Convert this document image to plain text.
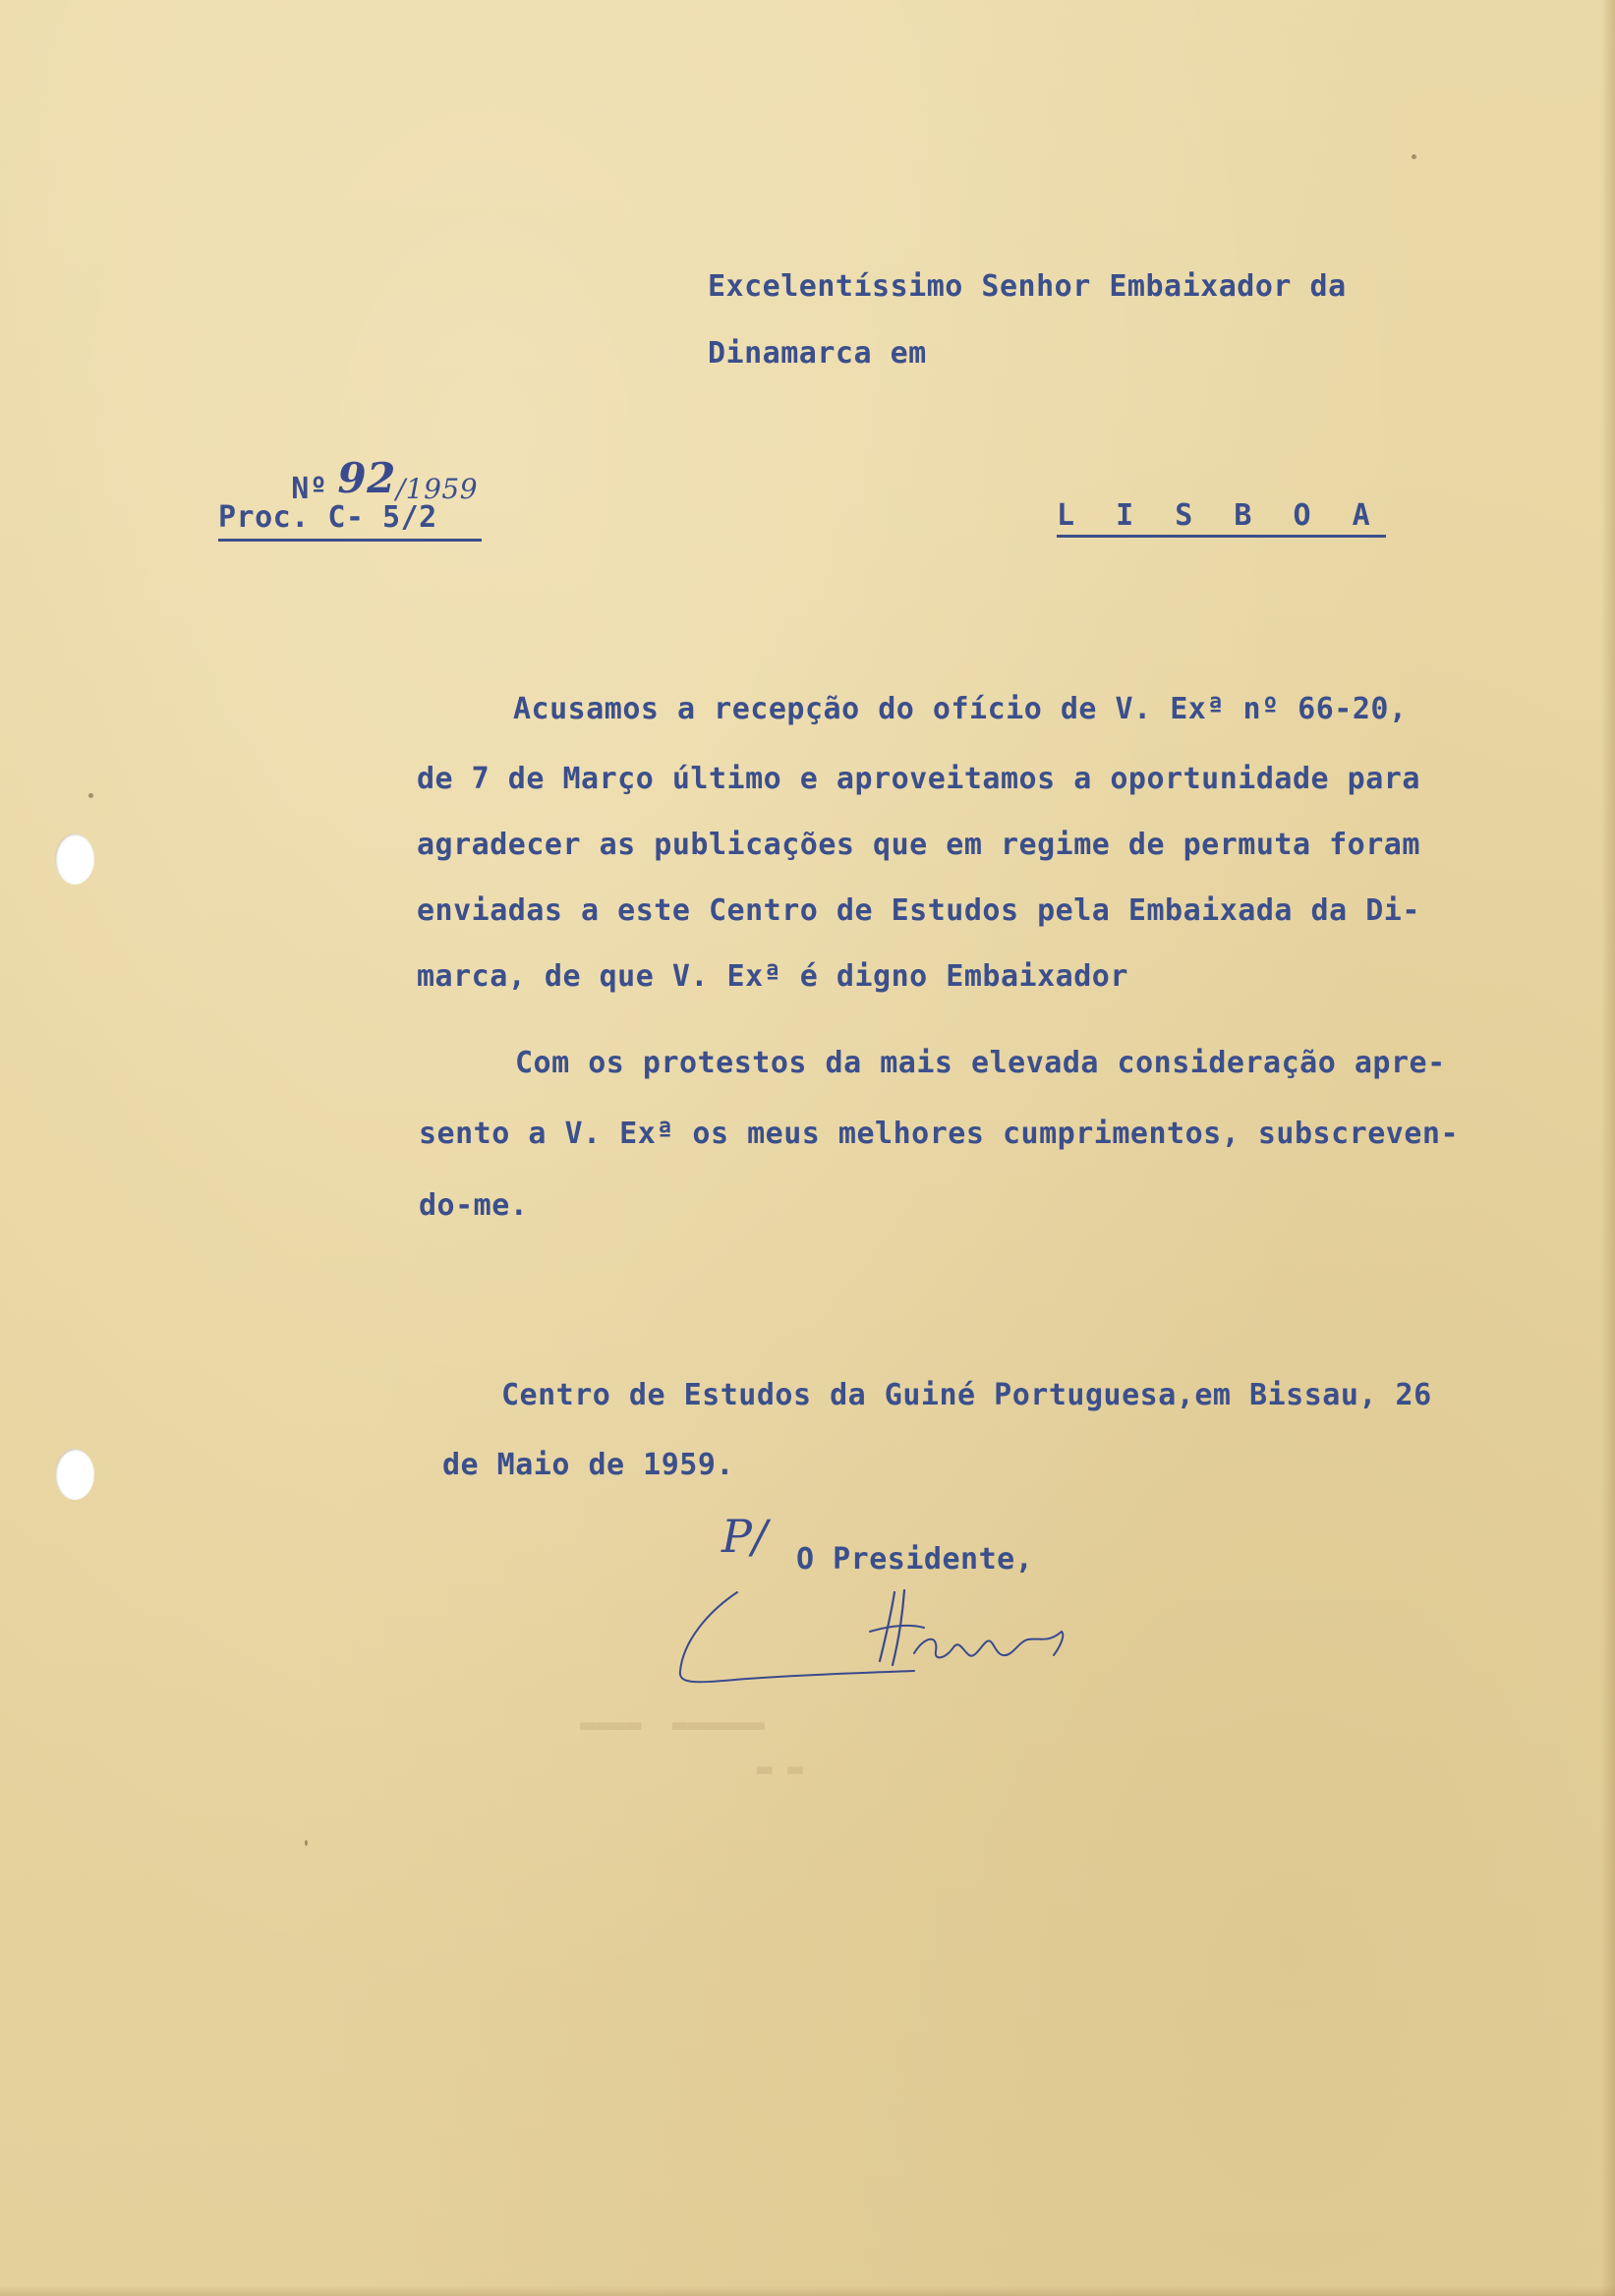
▬▬▬▬  ▬▬▬▬▬▬
▬ ▬
Excelentíssimo Senhor Embaixador da
Dinamarca em

Nº 92/1959

Proc. C- 5/2	L I S B O A
Acusamos a recepção do ofício de V. Exª nº 66-20,
de 7 de Março último e aproveitamos a oportunidade para
agradecer as publicações que em regime de permuta foram
enviadas a este Centro de Estudos pela Embaixada da Di-
marca, de que V. Exª é digno Embaixador
Com os protestos da mais elevada consideração apre-
sento a V. Exª os meus melhores cumprimentos, subscreven-
do-me.
Centro de Estudos da Guiné Portuguesa,em Bissau, 26
de Maio de 1959.
P/ O Presidente,
